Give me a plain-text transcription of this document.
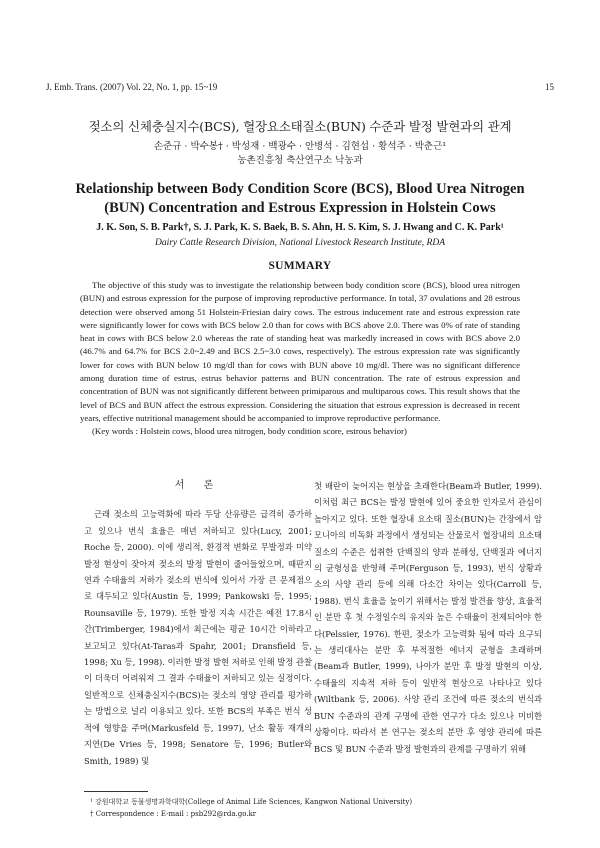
J. Emb. Trans. (2007) Vol. 22, No. 1, pp. 15~19	15
젖소의 신체충실지수(BCS), 혈장요소태질소(BUN) 수준과 발정 발현과의 관계
손준규 · 박수봉† · 박성재 · 백광수 · 안병석 · 김현섭 · 황석주 · 박춘근¹
농촌진흥청 축산연구소 낙농과
Relationship between Body Condition Score (BCS), Blood Urea Nitrogen (BUN) Concentration and Estrous Expression in Holstein Cows
J. K. Son, S. B. Park†, S. J. Park, K. S. Baek, B. S. Ahn, H. S. Kim, S. J. Hwang and C. K. Park¹
Dairy Cattle Research Division, National Livestock Research Institute, RDA
SUMMARY
The objective of this study was to investigate the relationship between body condition score (BCS), blood urea nitrogen (BUN) and estrous expression for the purpose of improving reproductive performance. In total, 37 ovulations and 28 estrous detection were observed among 51 Holstein-Friesian dairy cows. The estrous inducement rate and estrous expression rate were significantly lower for cows with BCS below 2.0 than for cows with BCS above 2.0. There was 0% of rate of standing heat in cows with BCS below 2.0 whereas the rate of standing heat was markedly increased in cows with BCS above 2.0 (46.7% and 64.7% for BCS 2.0~2.49 and BCS 2.5~3.0 cows, respectively). The estrous expression rate was significantly lower for cows with BUN below 10 mg/dl than for cows with BUN above 10 mg/dl. There was no significant difference among duration time of estrus, estrus behavior patterns and BUN concentration. The rate of estrous expression and concentration of BUN was not significantly different between primiparous and multiparous cows. This result shows that the level of BCS and BUN affect the estrous expression. Considering the situation that estrous expression is decreased in recent years, effective nutritional management should be accompanied to improve reproductive performance.
(Key words : Holstein cows, blood urea nitrogen, body condition score, estrous behavior)
서 론

근래 젖소의 고능력화에 따라 두당 산유량은 급격히 증가하고 있으나 번식 효율은 매년 저하되고 있다(Lucy, 2001; Roche 등, 2000). 이에 생리적, 환경적 변화로 무발정과 미약발정 현상이 잦아져 젖소의 발정 발현이 줄어들었으며, 때판지연과 수태율의 저하가 젖소의 번식에 있어서 가장 큰 문제점으로 대두되고 있다(Austin 등, 1999; Pankowski 등, 1995; Rounsaville 등, 1979). 또한 발정 지속 시간은 예전 17.8시간(Trimberger, 1984)에서 최근에는 평균 10시간 이하라고 보고되고 있다(At-Taras과 Spahr, 2001; Dransfield 등, 1998; Xu 등, 1998). 이러한 발정 발현 저하로 인해 발정 관찰이 더욱더 어려워져 그 결과 수태율이 저하되고 있는 실정이다. 일반적으로 신체충실지수(BCS)는 젖소의 영양 관리를 평가하는 방법으로 널리 이용되고 있다. 또한 BCS의 부족은 번식 성적에 영향을 주며(Markusfeld 등, 1997), 난소 활동 재개의 지연(De Vries 등, 1998; Senatore 등, 1996; Butler와 Smith, 1989) 및

첫 배란이 늦어지는 현상을 초래한다(Beam과 Butler, 1999). 이처럼 최근 BCS는 발정 발현에 있어 중요한 인자로서 관심이 높아지고 있다. 또한 혈장내 요소태 질소(BUN)는 간장에서 암모니아의 비독화 과정에서 생성되는 산물로서 혈장내의 요소태 질소의 수준은 섭취한 단백질의 양과 분해성, 단백질과 에너지의 균형성을 반영해 주며(Ferguson 등, 1993), 번식 상황과 소의 사양 관리 등에 의해 다소간 차이는 있다(Carroll 등, 1988). 번식 효율을 높이기 위해서는 발정 발견율 향상, 효율적인 분만 후 첫 수정일수의 유지와 높은 수태율이 전제되어야 한다(Pelssier, 1976). 한편, 젖소가 고능력화 됨에 따라 요구되는 생리대사는 분만 후 부적절한 에너지 균형을 초래하며(Beam과 Butler, 1999), 나아가 분만 후 발정 발현의 이상, 수태율의 지속적 저하 등이 일반적 현상으로 나타나고 있다(Wiltbank 등, 2006). 사양 관리 조건에 따른 젖소의 번식과 BUN 수준과의 관계 구명에 관한 연구가 다소 있으나 미비한 상황이다. 따라서 본 연구는 젖소의 분만 후 영양 관리에 따른 BCS 및 BUN 수준과 발정 발현과의 관계를 구명하기 위해

¹ 강원대학교 동물생명과학대학(College of Animal Life Sciences, Kangwon National University)
† Correspondence : E-mail : psb292@rda.go.kr
